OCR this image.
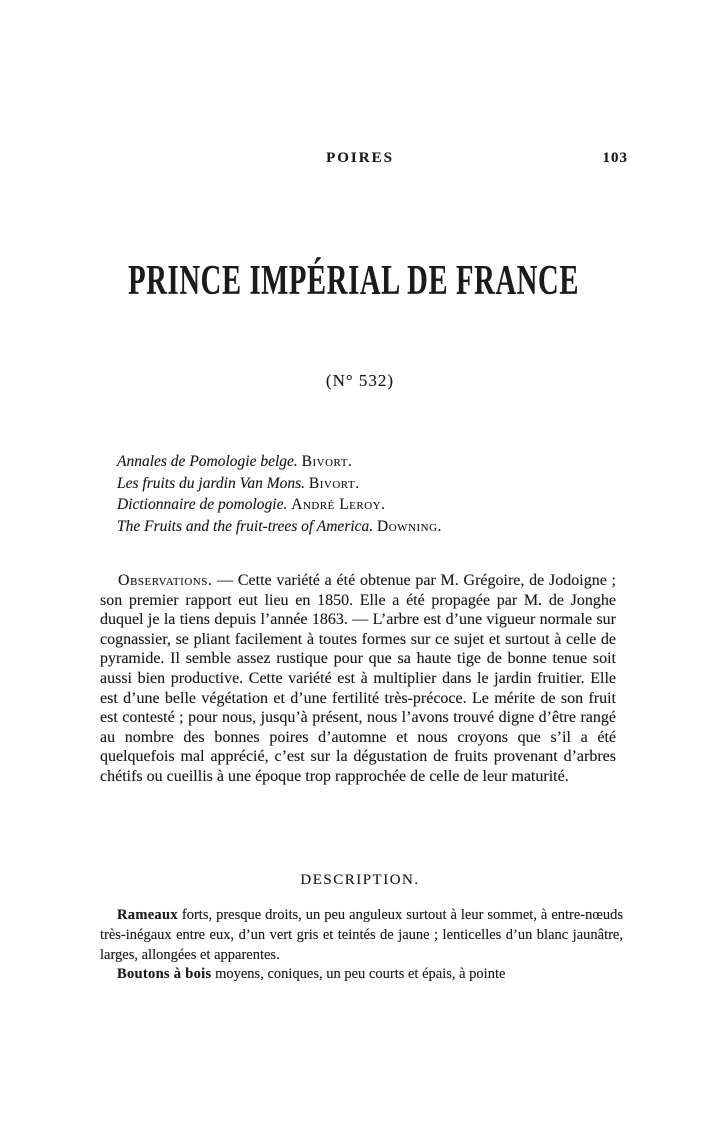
POIRES	103
PRINCE IMPÉRIAL DE FRANCE
(N° 532)
Annales de Pomologie belge. Bivort.
Les fruits du jardin Van Mons. Bivort.
Dictionnaire de pomologie. André Leroy.
The Fruits and the fruit-trees of America. Downing.

Observations. — Cette variété a été obtenue par M. Grégoire, de Jodoigne ; son premier rapport eut lieu en 1850. Elle a été propagée par M. de Jonghe duquel je la tiens depuis l’année 1863. — L’arbre est d’une vigueur normale sur cognassier, se pliant facilement à toutes formes sur ce sujet et surtout à celle de pyramide. Il semble assez rustique pour que sa haute tige de bonne tenue soit aussi bien productive. Cette variété est à multiplier dans le jardin fruitier. Elle est d’une belle végétation et d’une fertilité très-précoce. Le mérite de son fruit est contesté ; pour nous, jusqu’à présent, nous l’avons trouvé digne d’être rangé au nombre des bonnes poires d’automne et nous croyons que s’il a été quelquefois mal apprécié, c’est sur la dégustation de fruits provenant d’arbres chétifs ou cueillis à une époque trop rapprochée de celle de leur maturité.

DESCRIPTION.

Rameaux forts, presque droits, un peu anguleux surtout à leur sommet, à entre-nœuds très-inégaux entre eux, d’un vert gris et teintés de jaune ; lenticelles d’un blanc jaunâtre, larges, allongées et apparentes.

Boutons à bois moyens, coniques, un peu courts et épais, à pointe
